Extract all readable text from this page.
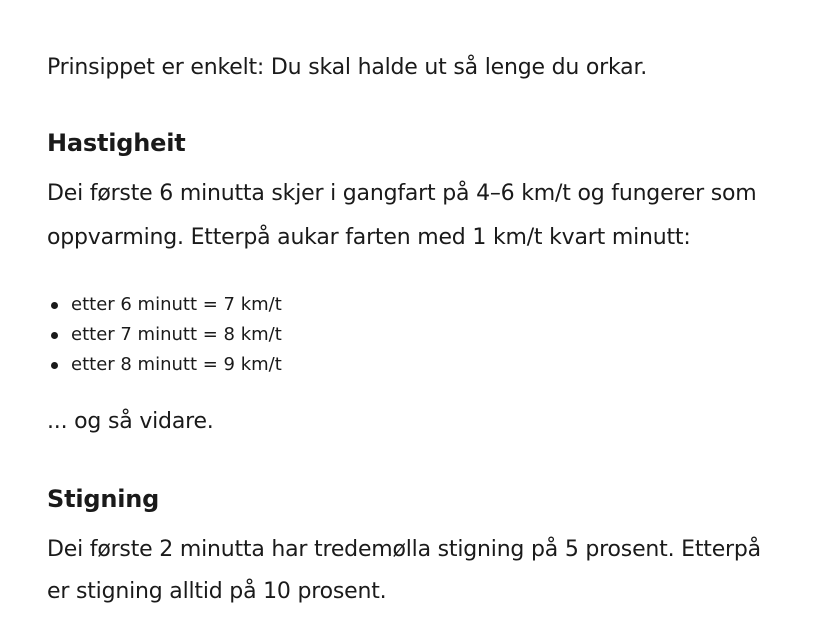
Prinsippet er enkelt: Du skal halde ut så lenge du orkar.

Hastigheit

Dei første 6 minutta skjer i gangfart på 4–6 km/t og fungerer som

oppvarming. Etterpå aukar farten med 1 km/t kvart minutt:

etter 6 minutt = 7 km/t
etter 7 minutt = 8 km/t
etter 8 minutt = 9 km/t

... og så vidare.

Stigning

Dei første 2 minutta har tredemølla stigning på 5 prosent. Etterpå

er stigning alltid på 10 prosent.
